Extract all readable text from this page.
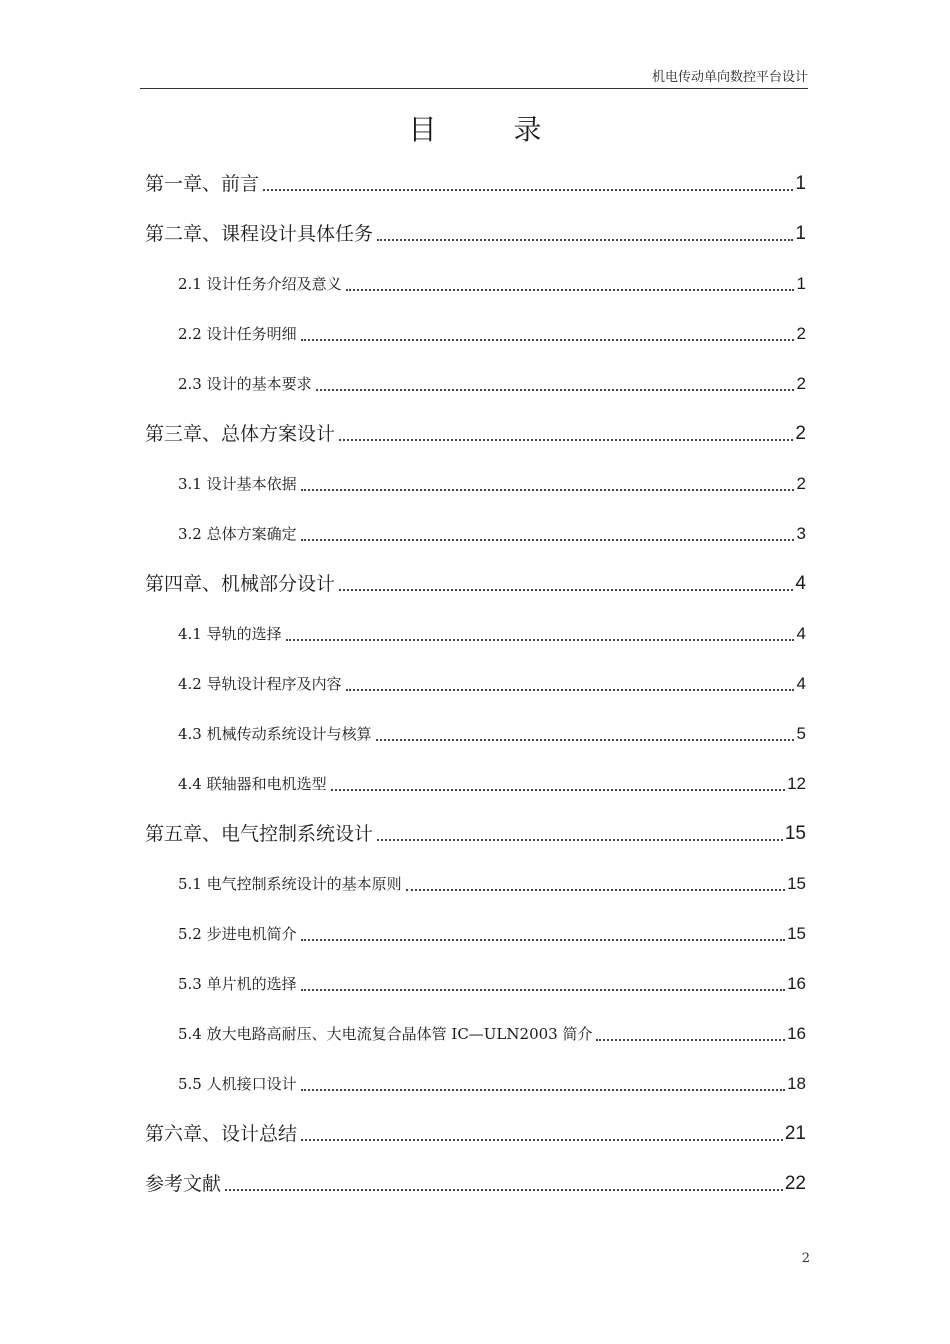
机电传动单向数控平台设计
目 录
第一章、前言	1
第二章、课程设计具体任务	1
2.1 设计任务介绍及意义	1
2.2 设计任务明细	2
2.3 设计的基本要求	2
第三章、总体方案设计	2
3.1 设计基本依据	2
3.2 总体方案确定	3
第四章、机械部分设计	4
4.1 导轨的选择	4
4.2 导轨设计程序及内容	4
4.3 机械传动系统设计与核算	5
4.4 联轴器和电机选型	12
第五章、电气控制系统设计	15
5.1 电气控制系统设计的基本原则	15
5.2 步进电机简介	15
5.3 单片机的选择	16
5.4 放大电路高耐压、大电流复合晶体管 IC—ULN2003 简介	16
5.5 人机接口设计	18
第六章、设计总结	21
参考文献	22
2
